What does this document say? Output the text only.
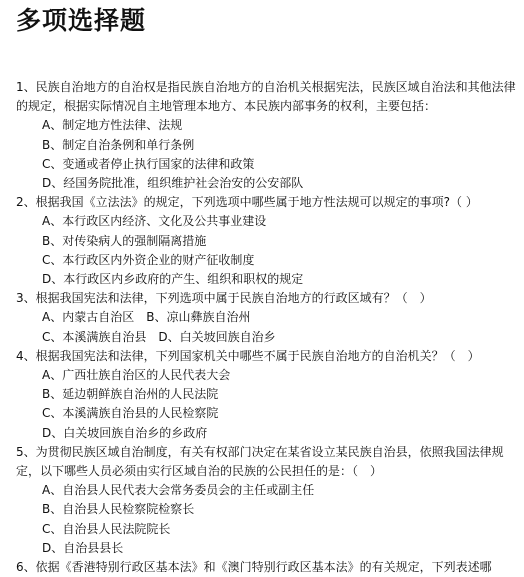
多项选择题
1、民族自治地方的自治权是指民族自治地方的自治机关根据宪法，民族区域自治法和其他法律的规定，根据实际情况自主地管理本地方、本民族内部事务的权利，主要包括：
A、制定地方性法律、法规
B、制定自治条例和单行条例
C、变通或者停止执行国家的法律和政策
D、经国务院批准，组织维护社会治安的公安部队
2、根据我国《立法法》的规定，下列选项中哪些属于地方性法规可以规定的事项?（ ）
A、本行政区内经济、文化及公共事业建设
B、对传染病人的强制隔离措施
C、本行政区内外资企业的财产征收制度
D、本行政区内乡政府的产生、组织和职权的规定
3、根据我国宪法和法律，下列选项中属于民族自治地方的行政区域有？（　）
A、内蒙古自治区 B、凉山彝族自治州
C、本溪满族自治县 D、白关坡回族自治乡
4、根据我国宪法和法律，下列国家机关中哪些不属于民族自治地方的自治机关？（　）
A、广西壮族自治区的人民代表大会
B、延边朝鲜族自治州的人民法院
C、本溪满族自治县的人民检察院
D、白关坡回族自治乡的乡政府
5、为贯彻民族区域自治制度，有关有权部门决定在某省设立某民族自治县，依照我国法律规定，以下哪些人员必须由实行区域自治的民族的公民担任的是：（　）
A、自治县人民代表大会常务委员会的主任或副主任
B、自治县人民检察院检察长
C、自治县人民法院院长
D、自治县县长
6、依据《香港特别行政区基本法》和《澳门特别行政区基本法》的有关规定，下列表述哪
